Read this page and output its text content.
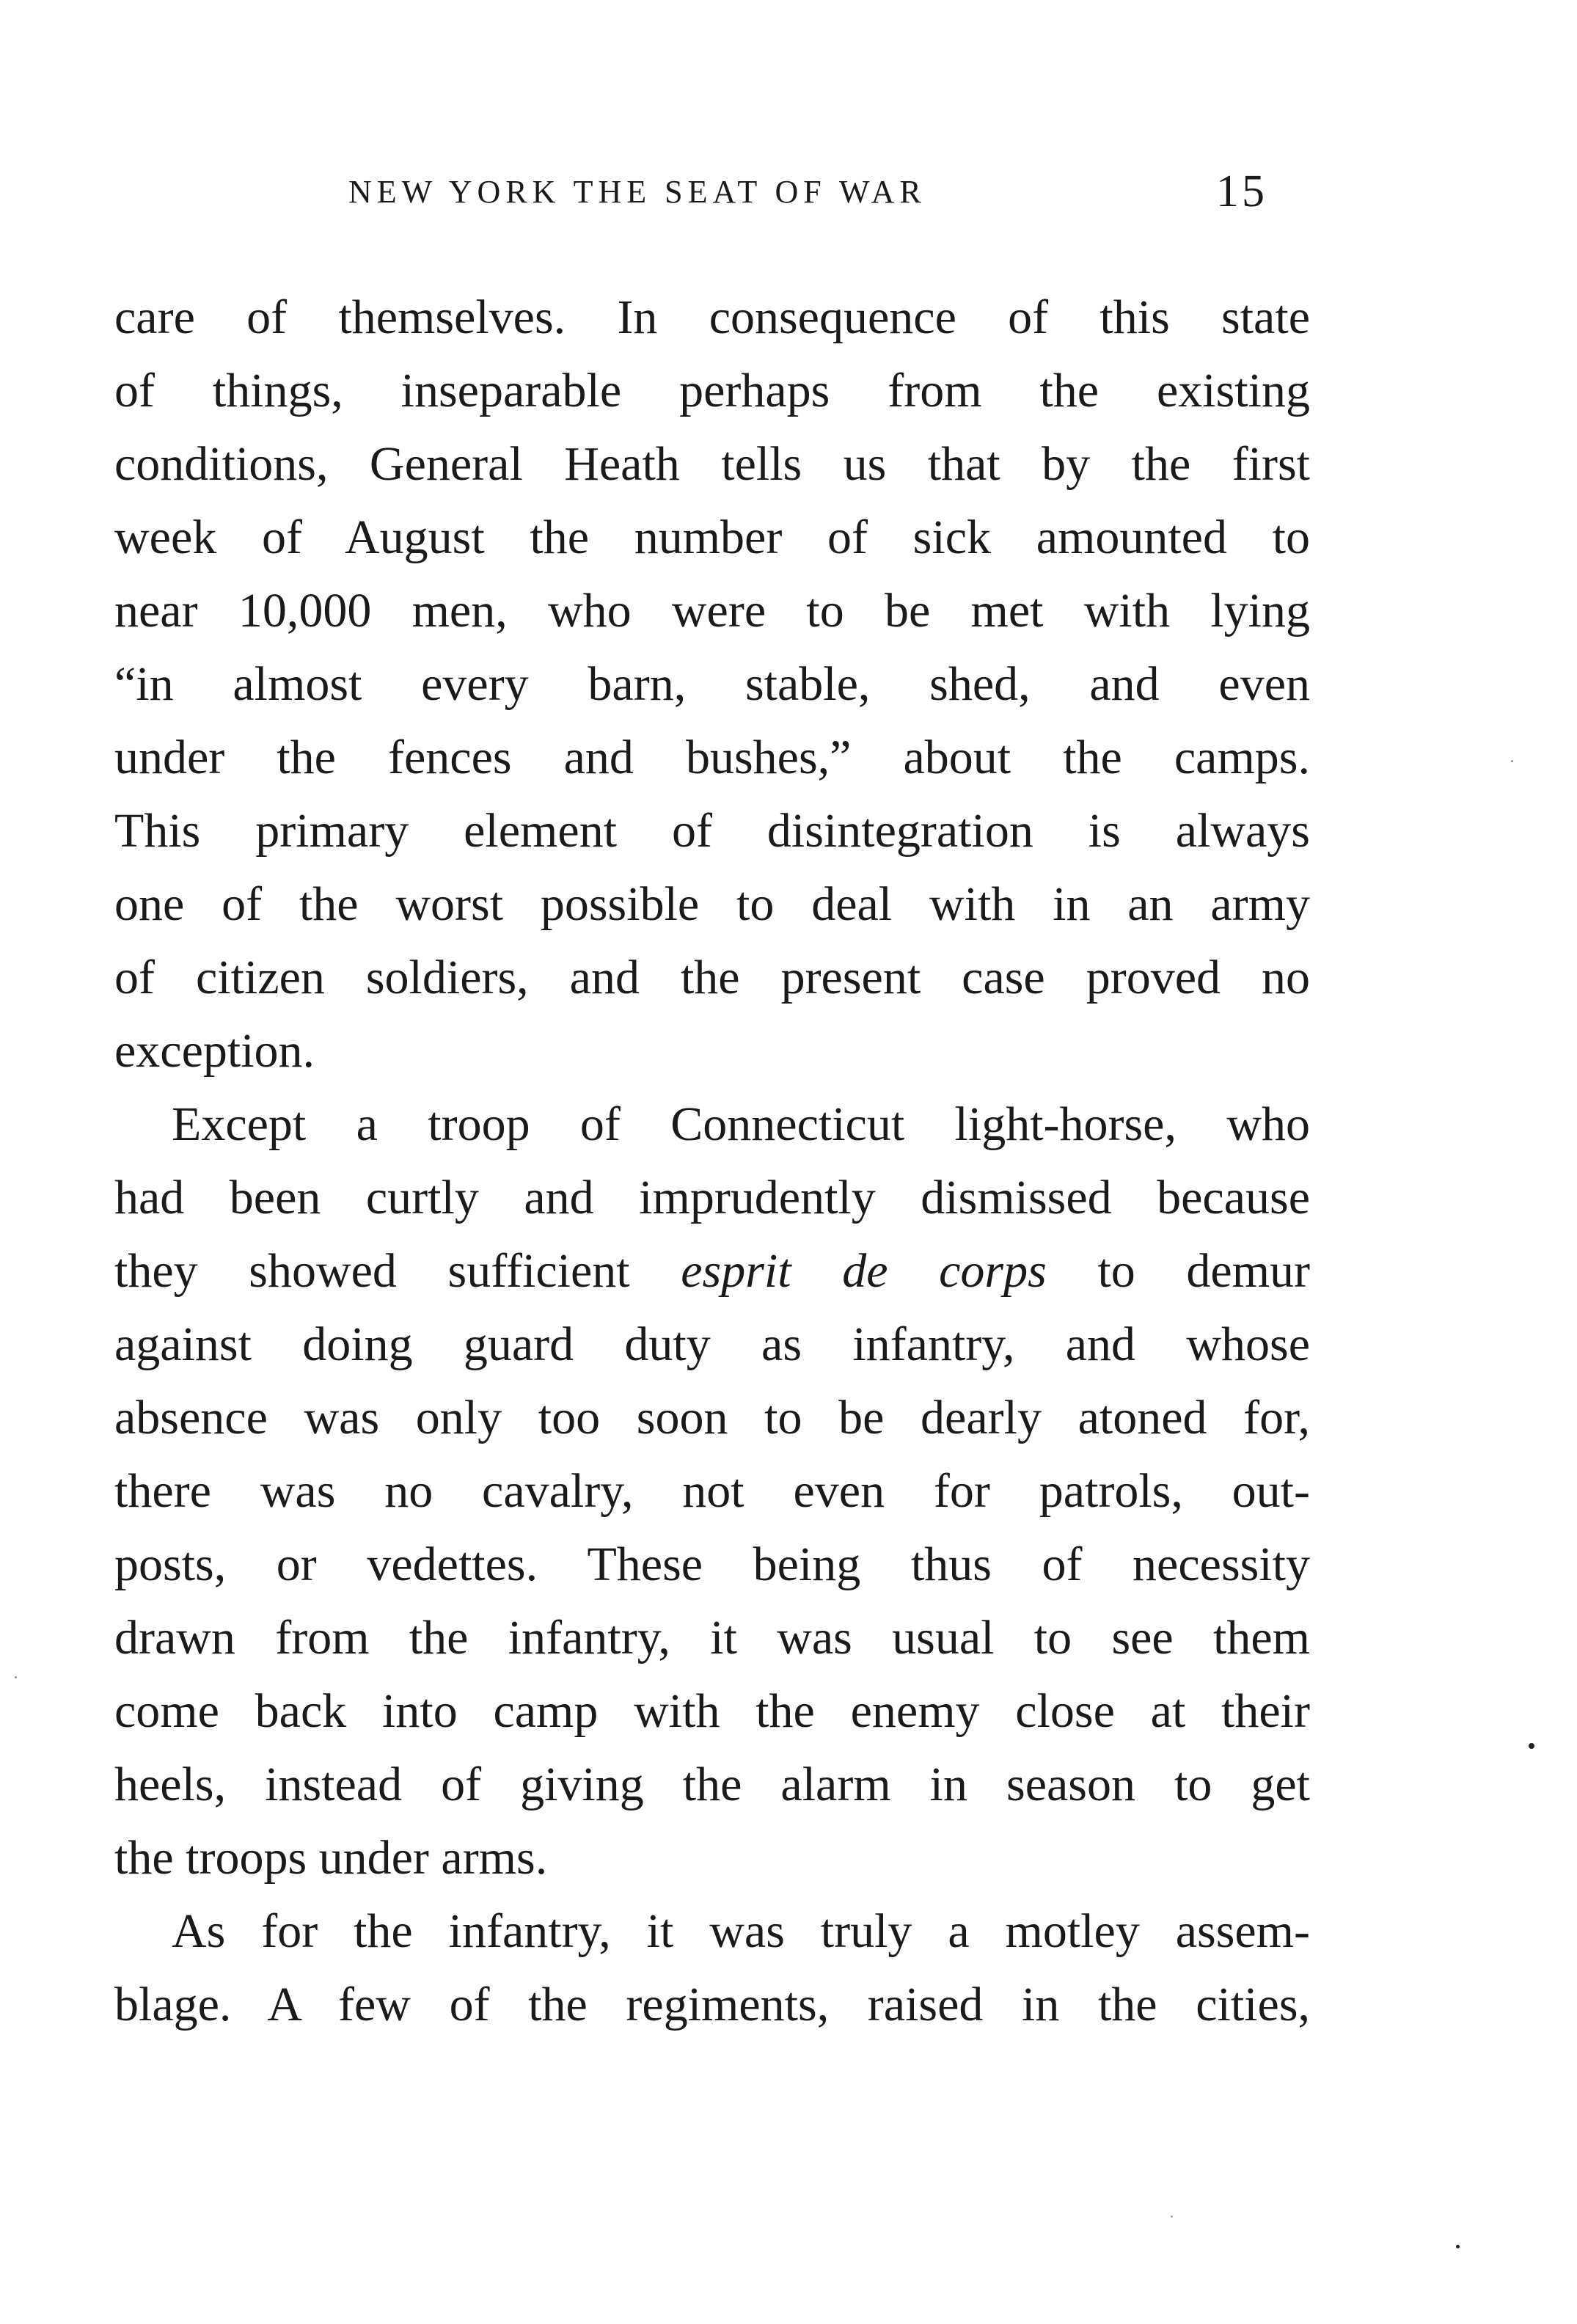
NEW YORK THE SEAT OF WAR	15
care of themselves. In consequence of this state
of things, inseparable perhaps from the existing
conditions, General Heath tells us that by the first
week of August the number of sick amounted to
near 10,000 men, who were to be met with lying
“in almost every barn, stable, shed, and even
under the fences and bushes,” about the camps.
This primary element of disintegration is always
one of the worst possible to deal with in an army
of citizen soldiers, and the present case proved no
exception.
Except a troop of Connecticut light-horse, who
had been curtly and imprudently dismissed because
they showed sufficient esprit de corps to demur
against doing guard duty as infantry, and whose
absence was only too soon to be dearly atoned for,
there was no cavalry, not even for patrols, out-
posts, or vedettes. These being thus of necessity
drawn from the infantry, it was usual to see them
come back into camp with the enemy close at their
heels, instead of giving the alarm in season to get
the troops under arms.
As for the infantry, it was truly a motley assem-
blage. A few of the regiments, raised in the cities,
